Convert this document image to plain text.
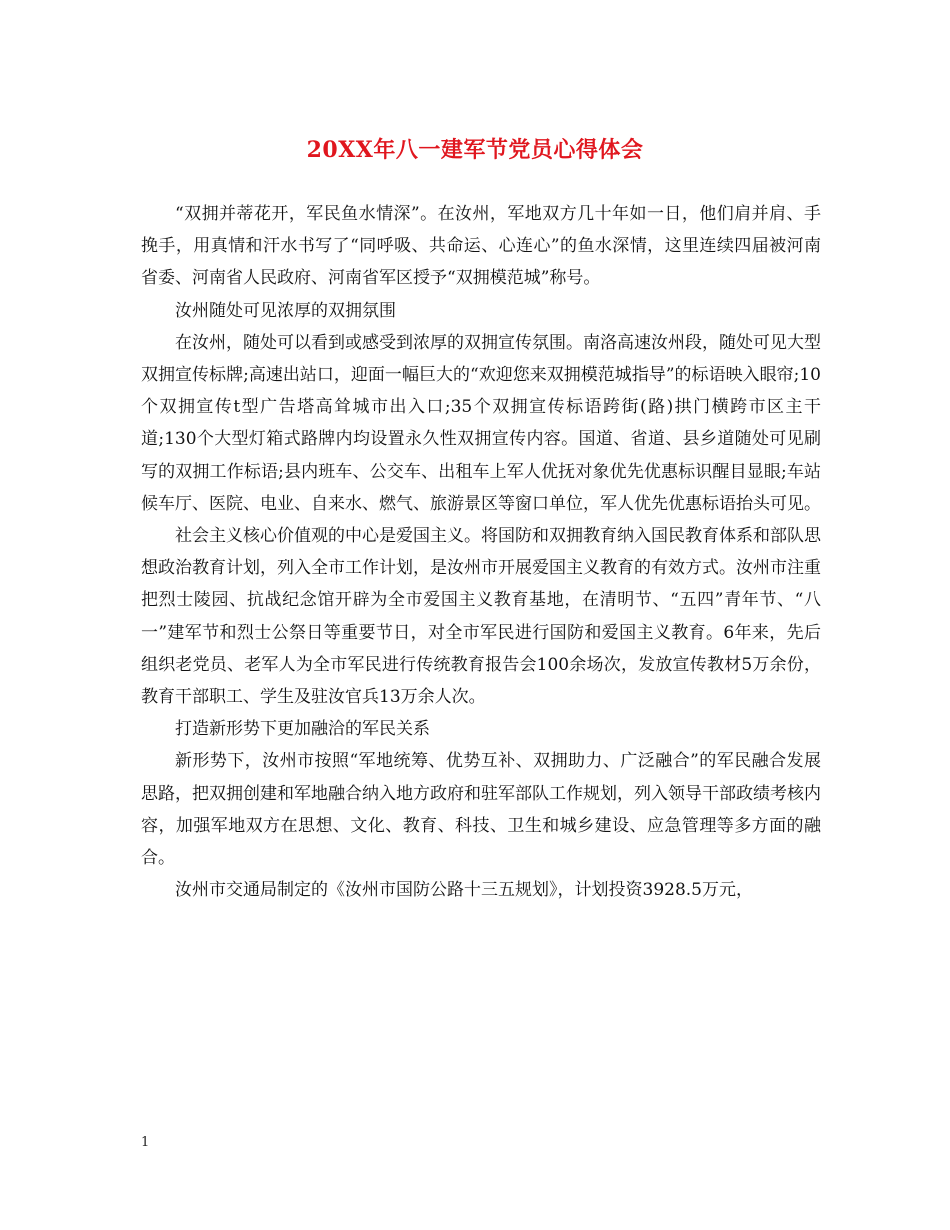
20XX年八一建军节党员心得体会

“双拥并蒂花开，军民鱼水情深”。在汝州，军地双方几十年如一日，他们肩并肩、手挽手，用真情和汗水书写了“同呼吸、共命运、心连心”的鱼水深情，这里连续四届被河南省委、河南省人民政府、河南省军区授予“双拥模范城”称号。

汝州随处可见浓厚的双拥氛围

在汝州，随处可以看到或感受到浓厚的双拥宣传氛围。南洛高速汝州段，随处可见大型双拥宣传标牌;高速出站口，迎面一幅巨大的“欢迎您来双拥模范城指导”的标语映入眼帘;10个双拥宣传t型广告塔高耸城市出入口;35个双拥宣传标语跨街(路)拱门横跨市区主干道;130个大型灯箱式路牌内均设置永久性双拥宣传内容。国道、省道、县乡道随处可见刷写的双拥工作标语;县内班车、公交车、出租车上军人优抚对象优先优惠标识醒目显眼;车站候车厅、医院、电业、自来水、燃气、旅游景区等窗口单位，军人优先优惠标语抬头可见。

社会主义核心价值观的中心是爱国主义。将国防和双拥教育纳入国民教育体系和部队思想政治教育计划，列入全市工作计划，是汝州市开展爱国主义教育的有效方式。汝州市注重把烈士陵园、抗战纪念馆开辟为全市爱国主义教育基地，在清明节、“五四”青年节、“八一”建军节和烈士公祭日等重要节日，对全市军民进行国防和爱国主义教育。6年来，先后组织老党员、老军人为全市军民进行传统教育报告会100余场次，发放宣传教材5万余份，教育干部职工、学生及驻汝官兵13万余人次。

打造新形势下更加融洽的军民关系

新形势下，汝州市按照“军地统筹、优势互补、双拥助力、广泛融合”的军民融合发展思路，把双拥创建和军地融合纳入地方政府和驻军部队工作规划，列入领导干部政绩考核内容，加强军地双方在思想、文化、教育、科技、卫生和城乡建设、应急管理等多方面的融合。

汝州市交通局制定的《汝州市国防公路十三五规划》，计划投资3928.5万元，

1
